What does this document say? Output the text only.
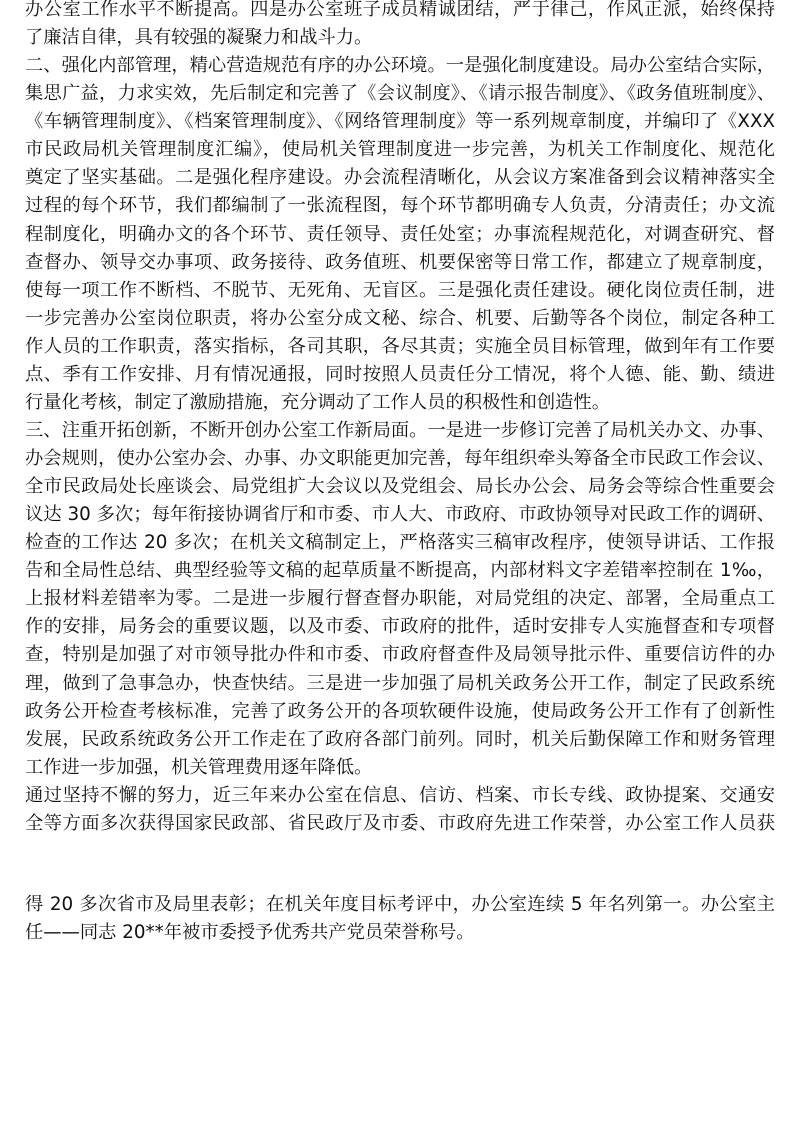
办公室工作水平不断提高。四是办公室班子成员精诚团结，严于律己，作风正派，始终保持
了廉洁自律，具有较强的凝聚力和战斗力。
二、强化内部管理，精心营造规范有序的办公环境。一是强化制度建设。局办公室结合实际，
集思广益，力求实效，先后制定和完善了《会议制度》、《请示报告制度》、《政务值班制度》、
《车辆管理制度》、《档案管理制度》、《网络管理制度》等一系列规章制度，并编印了《XXX
市民政局机关管理制度汇编》，使局机关管理制度进一步完善，为机关工作制度化、规范化
奠定了坚实基础。二是强化程序建设。办会流程清晰化，从会议方案准备到会议精神落实全
过程的每个环节，我们都编制了一张流程图，每个环节都明确专人负责，分清责任；办文流
程制度化，明确办文的各个环节、责任领导、责任处室；办事流程规范化，对调查研究、督
查督办、领导交办事项、政务接待、政务值班、机要保密等日常工作，都建立了规章制度，
使每一项工作不断档、不脱节、无死角、无盲区。三是强化责任建设。硬化岗位责任制，进
一步完善办公室岗位职责，将办公室分成文秘、综合、机要、后勤等各个岗位，制定各种工
作人员的工作职责，落实指标，各司其职，各尽其责；实施全员目标管理，做到年有工作要
点、季有工作安排、月有情况通报，同时按照人员责任分工情况，将个人德、能、勤、绩进
行量化考核，制定了激励措施，充分调动了工作人员的积极性和创造性。
三、注重开拓创新，不断开创办公室工作新局面。一是进一步修订完善了局机关办文、办事、
办会规则，使办公室办会、办事、办文职能更加完善，每年组织牵头筹备全市民政工作会议、
全市民政局处长座谈会、局党组扩大会议以及党组会、局长办公会、局务会等综合性重要会
议达 30 多次；每年衔接协调省厅和市委、市人大、市政府、市政协领导对民政工作的调研、
检查的工作达 20 多次；在机关文稿制定上，严格落实三稿审改程序，使领导讲话、工作报
告和全局性总结、典型经验等文稿的起草质量不断提高，内部材料文字差错率控制在 1‰，
上报材料差错率为零。二是进一步履行督查督办职能，对局党组的决定、部署，全局重点工
作的安排，局务会的重要议题，以及市委、市政府的批件，适时安排专人实施督查和专项督
查，特别是加强了对市领导批办件和市委、市政府督查件及局领导批示件、重要信访件的办
理，做到了急事急办，快查快结。三是进一步加强了局机关政务公开工作，制定了民政系统
政务公开检查考核标准，完善了政务公开的各项软硬件设施，使局政务公开工作有了创新性
发展，民政系统政务公开工作走在了政府各部门前列。同时，机关后勤保障工作和财务管理
工作进一步加强，机关管理费用逐年降低。
通过坚持不懈的努力，近三年来办公室在信息、信访、档案、市长专线、政协提案、交通安
全等方面多次获得国家民政部、省民政厅及市委、市政府先进工作荣誉，办公室工作人员获
得 20 多次省市及局里表彰；在机关年度目标考评中，办公室连续 5 年名列第一。办公室主
任——同志 20**年被市委授予优秀共产党员荣誉称号。
